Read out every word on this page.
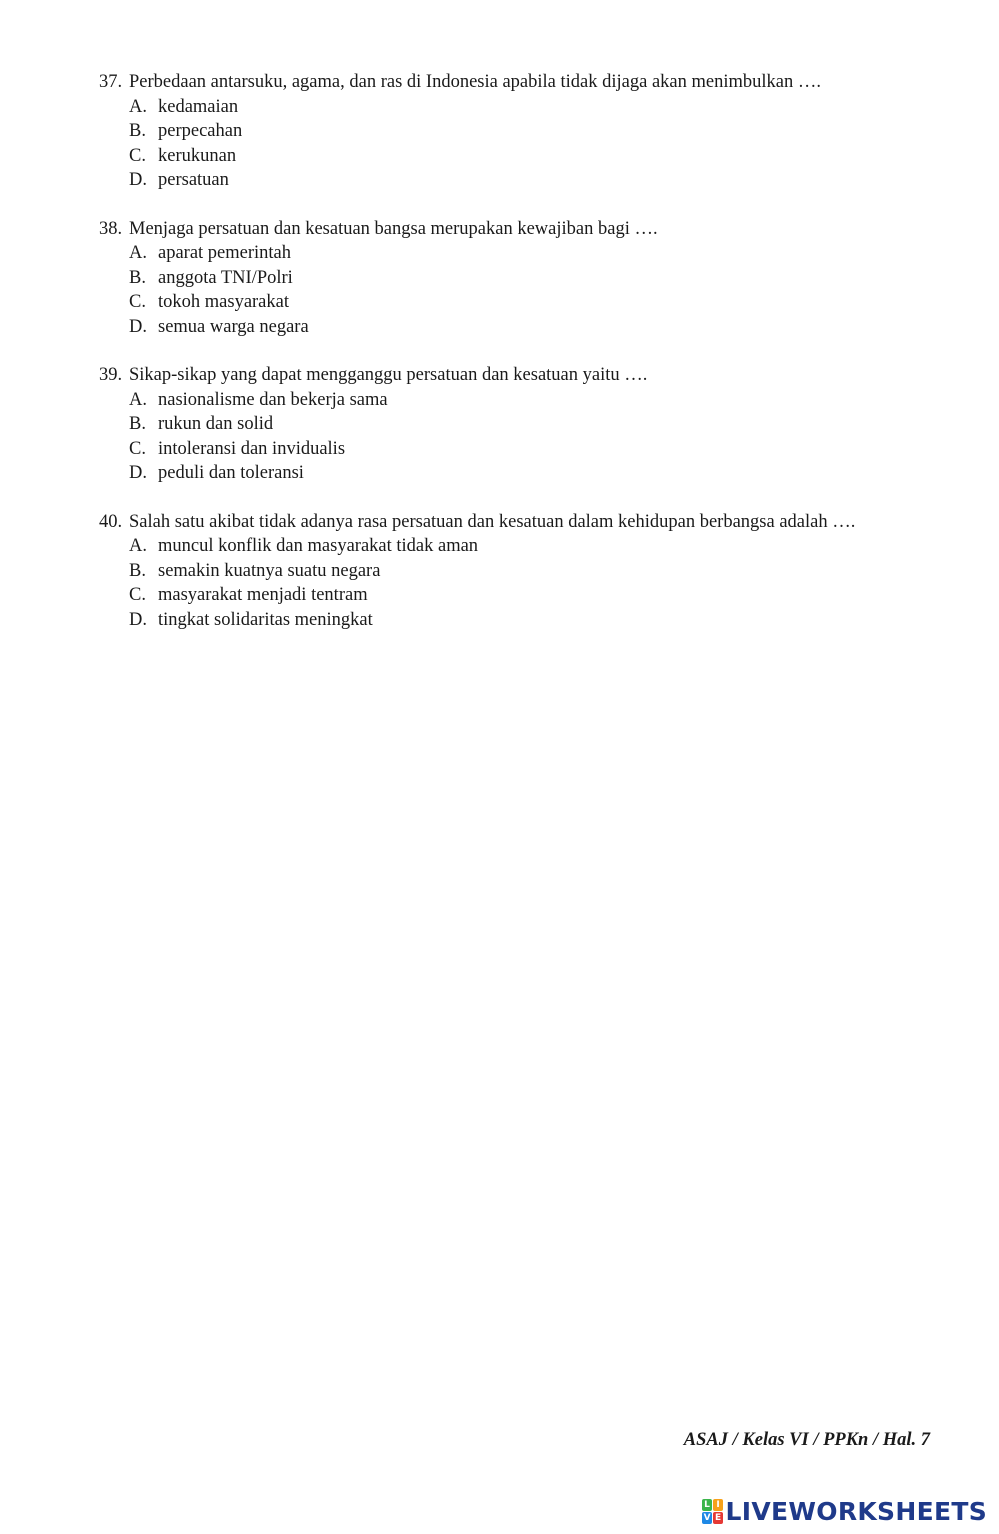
37. Perbedaan antarsuku, agama, dan ras di Indonesia apabila tidak dijaga akan menimbulkan ….
A. kedamaian
B. perpecahan
C. kerukunan
D. persatuan
38. Menjaga persatuan dan kesatuan bangsa merupakan kewajiban bagi ….
A. aparat pemerintah
B. anggota TNI/Polri
C. tokoh masyarakat
D. semua warga negara
39. Sikap-sikap yang dapat mengganggu persatuan dan kesatuan yaitu ….
A. nasionalisme dan bekerja sama
B. rukun dan solid
C. intoleransi dan invidualis
D. peduli dan toleransi
40. Salah satu akibat tidak adanya rasa persatuan dan kesatuan dalam kehidupan berbangsa adalah ….
A. muncul konflik dan masyarakat tidak aman
B. semakin kuatnya suatu negara
C. masyarakat menjadi tentram
D. tingkat solidaritas meningkat
ASAJ / Kelas VI / PPKn / Hal. 7
L I
V E LIVEWORKSHEETS
